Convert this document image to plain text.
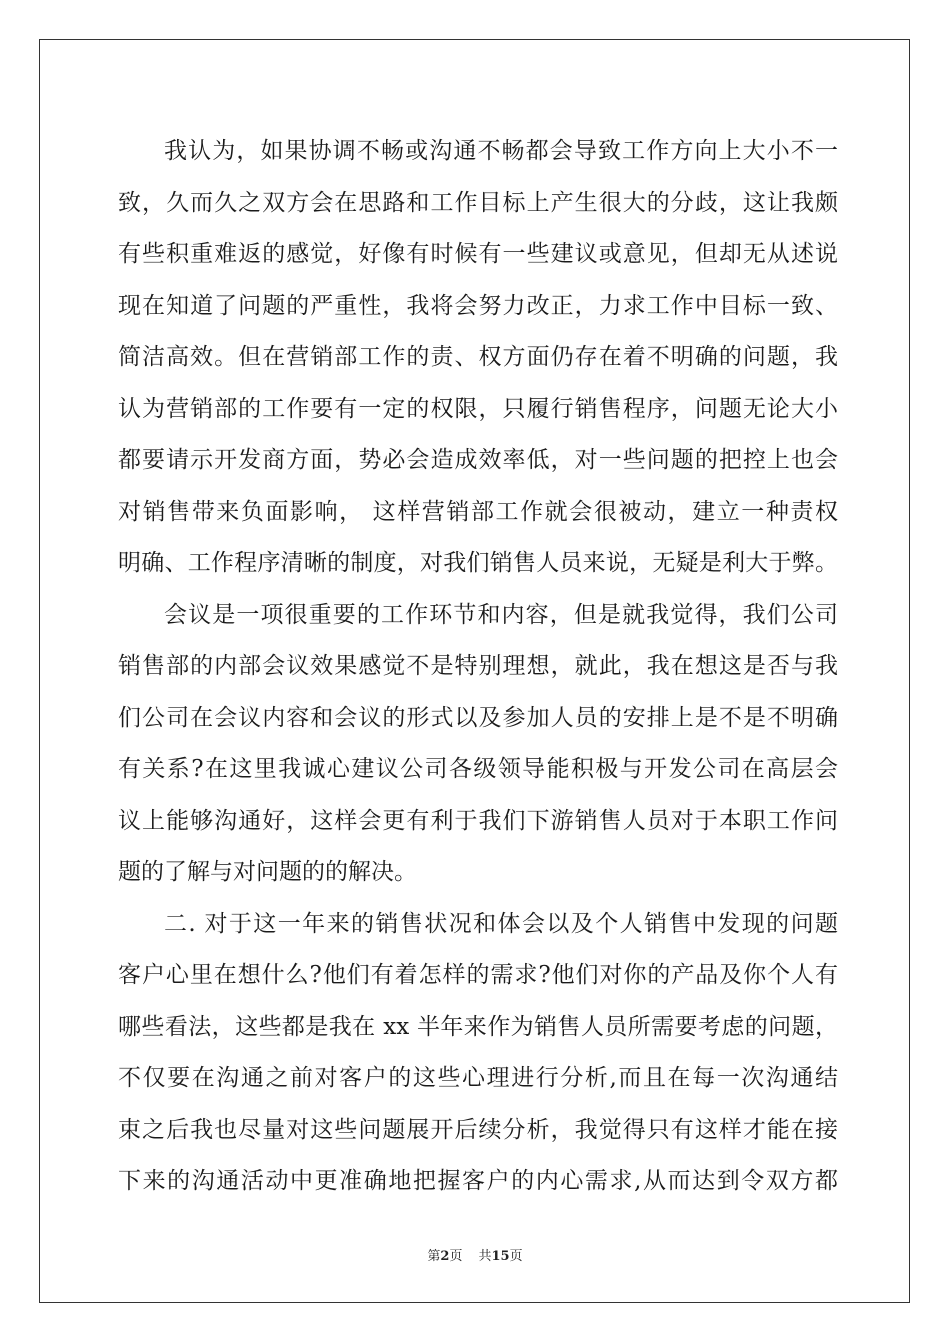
我认为，如果协调不畅或沟通不畅都会导致工作方向上大小不一
致，久而久之双方会在思路和工作目标上产生很大的分歧，这让我颇
有些积重难返的感觉，好像有时候有一些建议或意见，但却无从述说
现在知道了问题的严重性，我将会努力改正，力求工作中目标一致、
简洁高效。但在营销部工作的责、权方面仍存在着不明确的问题，我
认为营销部的工作要有一定的权限，只履行销售程序，问题无论大小
都要请示开发商方面，势必会造成效率低，对一些问题的把控上也会
对销售带来负面影响， 这样营销部工作就会很被动，建立一种责权
明确、工作程序清晰的制度，对我们销售人员来说，无疑是利大于弊。
会议是一项很重要的工作环节和内容，但是就我觉得，我们公司
销售部的内部会议效果感觉不是特别理想，就此，我在想这是否与我
们公司在会议内容和会议的形式以及参加人员的安排上是不是不明确
有关系?在这里我诚心建议公司各级领导能积极与开发公司在高层会
议上能够沟通好，这样会更有利于我们下游销售人员对于本职工作问
题的了解与对问题的的解决。
二. 对于这一年来的销售状况和体会以及个人销售中发现的问题
客户心里在想什么?他们有着怎样的需求?他们对你的产品及你个人有
哪些看法，这些都是我在 xx 半年来作为销售人员所需要考虑的问题，
不仅要在沟通之前对客户的这些心理进行分析,而且在每一次沟通结
束之后我也尽量对这些问题展开后续分析，我觉得只有这样才能在接
下来的沟通活动中更准确地把握客户的内心需求,从而达到令双方都
第2页 共15页
